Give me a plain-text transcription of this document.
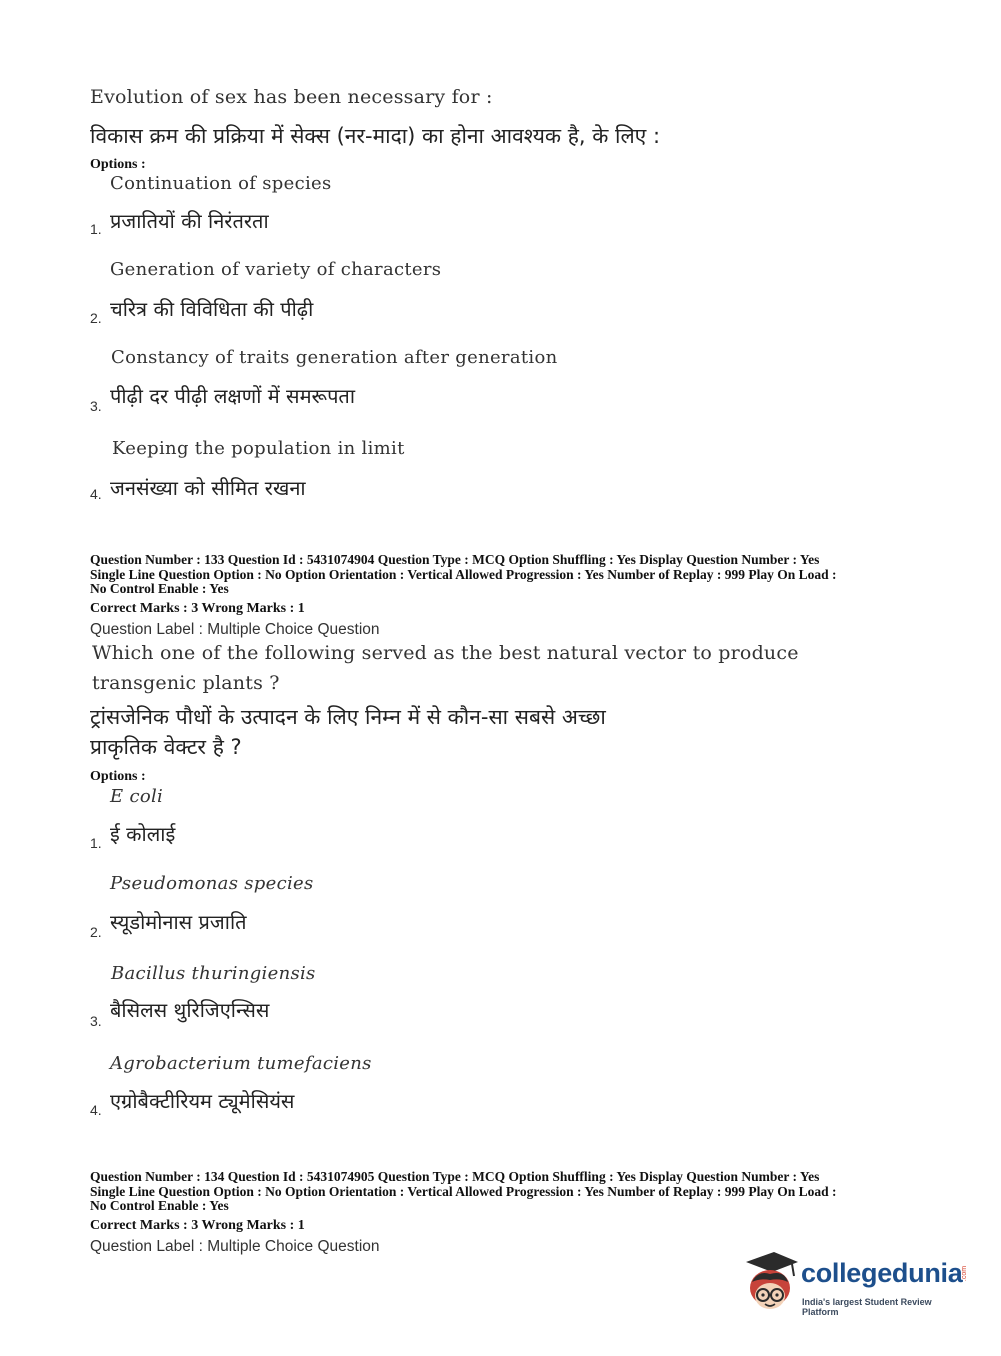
Evolution of sex has been necessary for :
विकास क्रम की प्रक्रिया में सेक्स (नर-मादा) का होना आवश्यक है, के लिए :
Options :
Continuation of species
1. प्रजातियों की निरंतरता
Generation of variety of characters
2. चरित्र की विविधिता की पीढ़ी
Constancy of traits generation after generation
3. पीढ़ी दर पीढ़ी लक्षणों में समरूपता
Keeping the population in limit
4. जनसंख्या को सीमित रखना
Question Number : 133 Question Id : 5431074904 Question Type : MCQ Option Shuffling : Yes Display Question Number : Yes
Single Line Question Option : No Option Orientation : Vertical Allowed Progression : Yes Number of Replay : 999 Play On Load :
No Control Enable : Yes
Correct Marks : 3 Wrong Marks : 1
Question Label : Multiple Choice Question
Which one of the following served as the best natural vector to produce
transgenic plants ?
ट्रांसजेनिक पौधों के उत्पादन के लिए निम्न में से कौन-सा सबसे अच्छा
प्राकृतिक वेक्टर है ?
Options :
E coli
1. ई कोलाई
Pseudomonas species
2. स्यूडोमोनास प्रजाति
Bacillus thuringiensis
3. बैसिलस थुरिजिएन्सिस
Agrobacterium tumefaciens
4. एग्रोबैक्टीरियम ट्यूमेसियंस
Question Number : 134 Question Id : 5431074905 Question Type : MCQ Option Shuffling : Yes Display Question Number : Yes
Single Line Question Option : No Option Orientation : Vertical Allowed Progression : Yes Number of Replay : 999 Play On Load :
No Control Enable : Yes
Correct Marks : 3 Wrong Marks : 1
Question Label : Multiple Choice Question
collegedunia
.com
India's largest Student Review Platform
